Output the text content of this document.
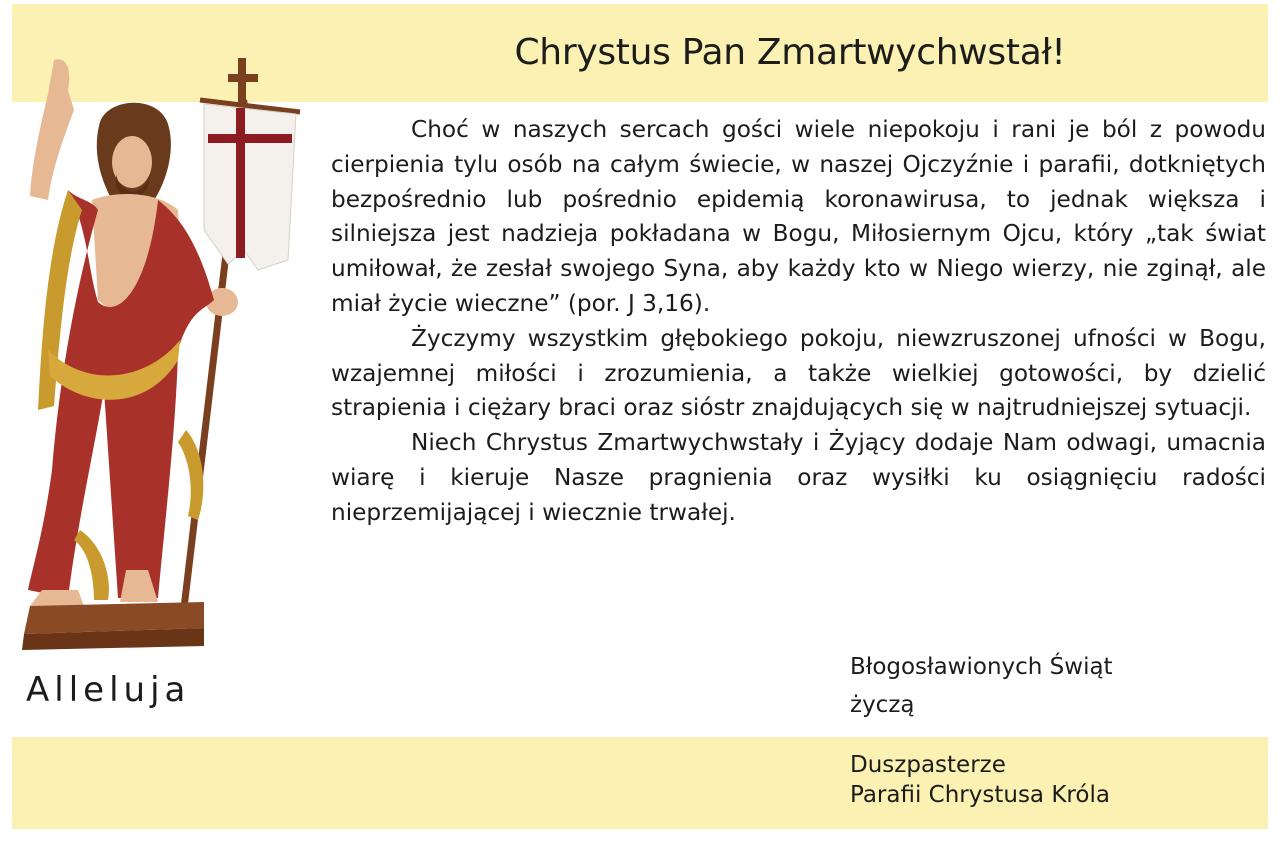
Chrystus Pan Zmartwychwstał!

Choć w naszych sercach gości wiele niepokoju i rani je ból z powodu cierpienia tylu osób na całym świecie, w naszej Ojczyźnie i parafii, dotkniętych bezpośrednio lub pośrednio epidemią koronawirusa, to jednak większa i silniejsza jest nadzieja pokładana w Bogu, Miłosiernym Ojcu, który „tak świat umiłował, że zesłał swojego Syna, aby każdy kto w Niego wierzy, nie zginął, ale miał życie wieczne” (por. J 3,16).

Życzymy wszystkim głębokiego pokoju, niewzruszonej ufności w Bogu, wzajemnej miłości i zrozumienia, a także wielkiej gotowości, by dzielić strapienia i ciężary braci oraz sióstr znajdujących się w najtrudniejszej sytuacji.

Niech Chrystus Zmartwychwstały i Żyjący dodaje Nam odwagi, umacnia wiarę i kieruje Nasze pragnienia oraz wysiłki ku osiągnięciu radości nieprzemijającej i wiecznie trwałej.

Błogosławionych Świąt
życzą
Duszpasterze
Parafii Chrystusa Króla
Alleluja
